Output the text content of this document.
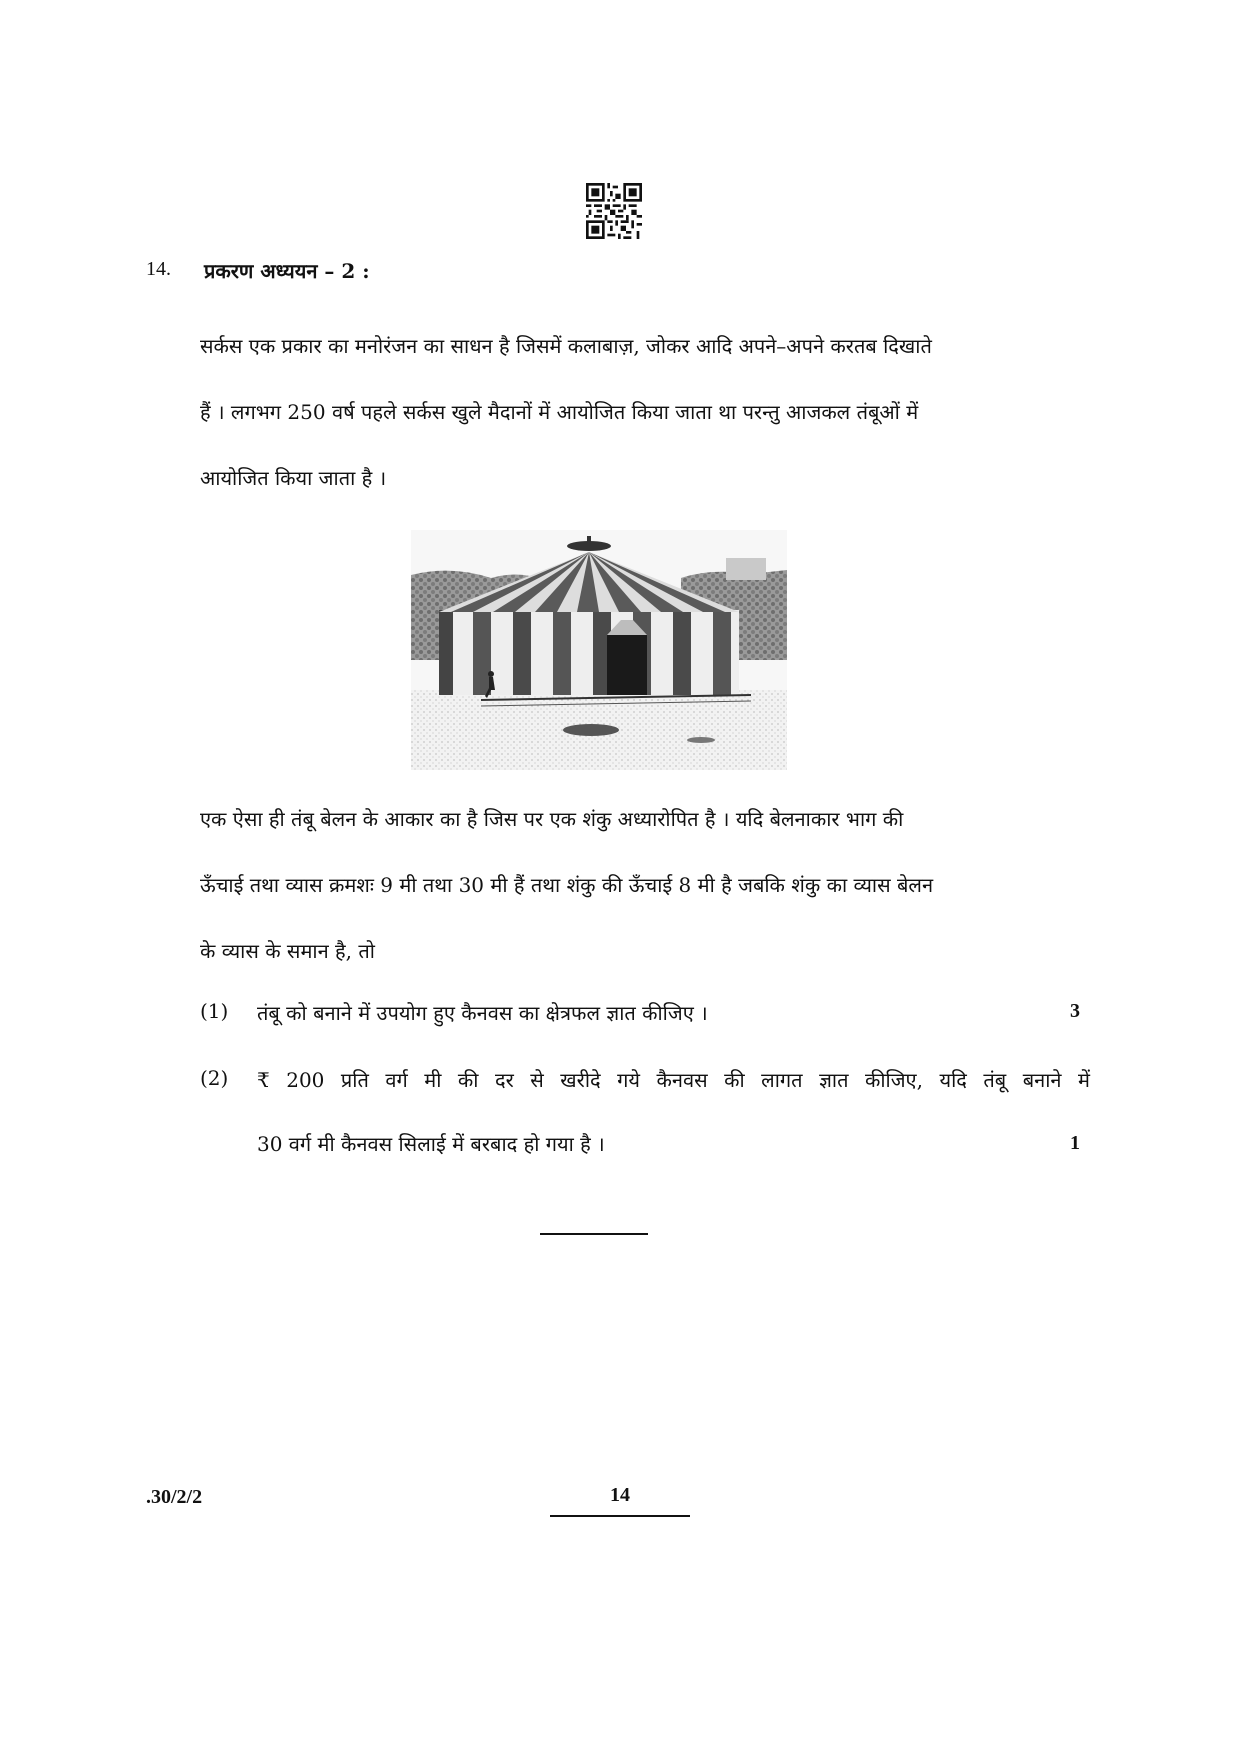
14. प्रकरण अध्ययन – 2 :
सर्कस एक प्रकार का मनोरंजन का साधन है जिसमें कलाबाज़, जोकर आदि अपने–अपने करतब दिखाते
हैं । लगभग 250 वर्ष पहले सर्कस खुले मैदानों में आयोजित किया जाता था परन्तु आजकल तंबूओं में
आयोजित किया जाता है ।
एक ऐसा ही तंबू बेलन के आकार का है जिस पर एक शंकु अध्यारोपित है । यदि बेलनाकार भाग की
ऊँचाई तथा व्यास क्रमशः 9 मी तथा 30 मी हैं तथा शंकु की ऊँचाई 8 मी है जबकि शंकु का व्यास बेलन
के व्यास के समान है, तो
(1) तंबू को बनाने में उपयोग हुए कैनवस का क्षेत्रफल ज्ञात कीजिए ।	3
(2) ₹ 200 प्रति वर्ग मी की दर से खरीदे गये कैनवस की लागत ज्ञात कीजिए, यदि तंबू बनाने में
30 वर्ग मी कैनवस सिलाई में बरबाद हो गया है ।	1
.30/2/2	14
